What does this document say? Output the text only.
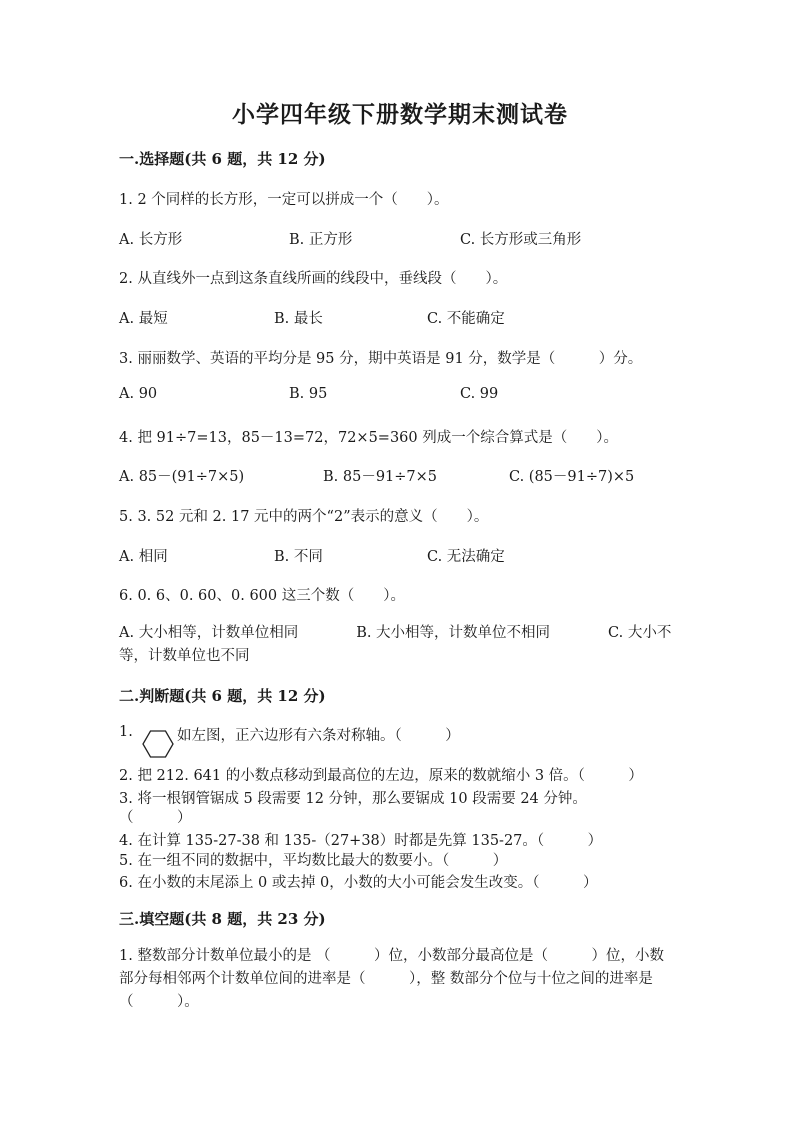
小学四年级下册数学期末测试卷
一.选择题(共 6 题，共 12 分)
1. 2 个同样的长方形，一定可以拼成一个（　　）。
A. 长方形	B. 正方形	C. 长方形或三角形
2. 从直线外一点到这条直线所画的线段中，垂线段（　　）。
A. 最短	B. 最长	C. 不能确定
3. 丽丽数学、英语的平均分是 95 分，期中英语是 91 分，数学是（　　　）分。
A. 90	B. 95	C. 99
4. 把 91÷7=13，85－13=72，72×5=360 列成一个综合算式是（　　）。
A. 85－(91÷7×5)	B. 85－91÷7×5	C. (85－91÷7)×5
5. 3. 52 元和 2. 17 元中的两个“2”表示的意义（　　）。
A. 相同	B. 不同	C. 无法确定
6. 0. 6、0. 60、0. 600 这三个数（　　）。
A. 大小相等，计数单位相同　　　　B. 大小相等，计数单位不相同　　　　C. 大小不等，计数单位也不同
二.判断题(共 6 题，共 12 分)
1.	如左图，正六边形有六条对称轴。（　　　）
2. 把 212. 641 的小数点移动到最高位的左边，原来的数就缩小 3 倍。（　　　）
3. 将一根钢管锯成 5 段需要 12 分钟，那么要锯成 10 段需要 24 分钟。
（　　　）
4. 在计算 135-27-38 和 135-（27+38）时都是先算 135-27。（　　　）
5. 在一组不同的数据中，平均数比最大的数要小。（　　　）
6. 在小数的末尾添上 0 或去掉 0，小数的大小可能会发生改变。（　　　）
三.填空题(共 8 题，共 23 分)
1. 整数部分计数单位最小的是 （　　　）位，小数部分最高位是（　　　）位，小数部分每相邻两个计数单位间的进率是（　　　），整 数部分个位与十位之间的进率是（　　　）。
